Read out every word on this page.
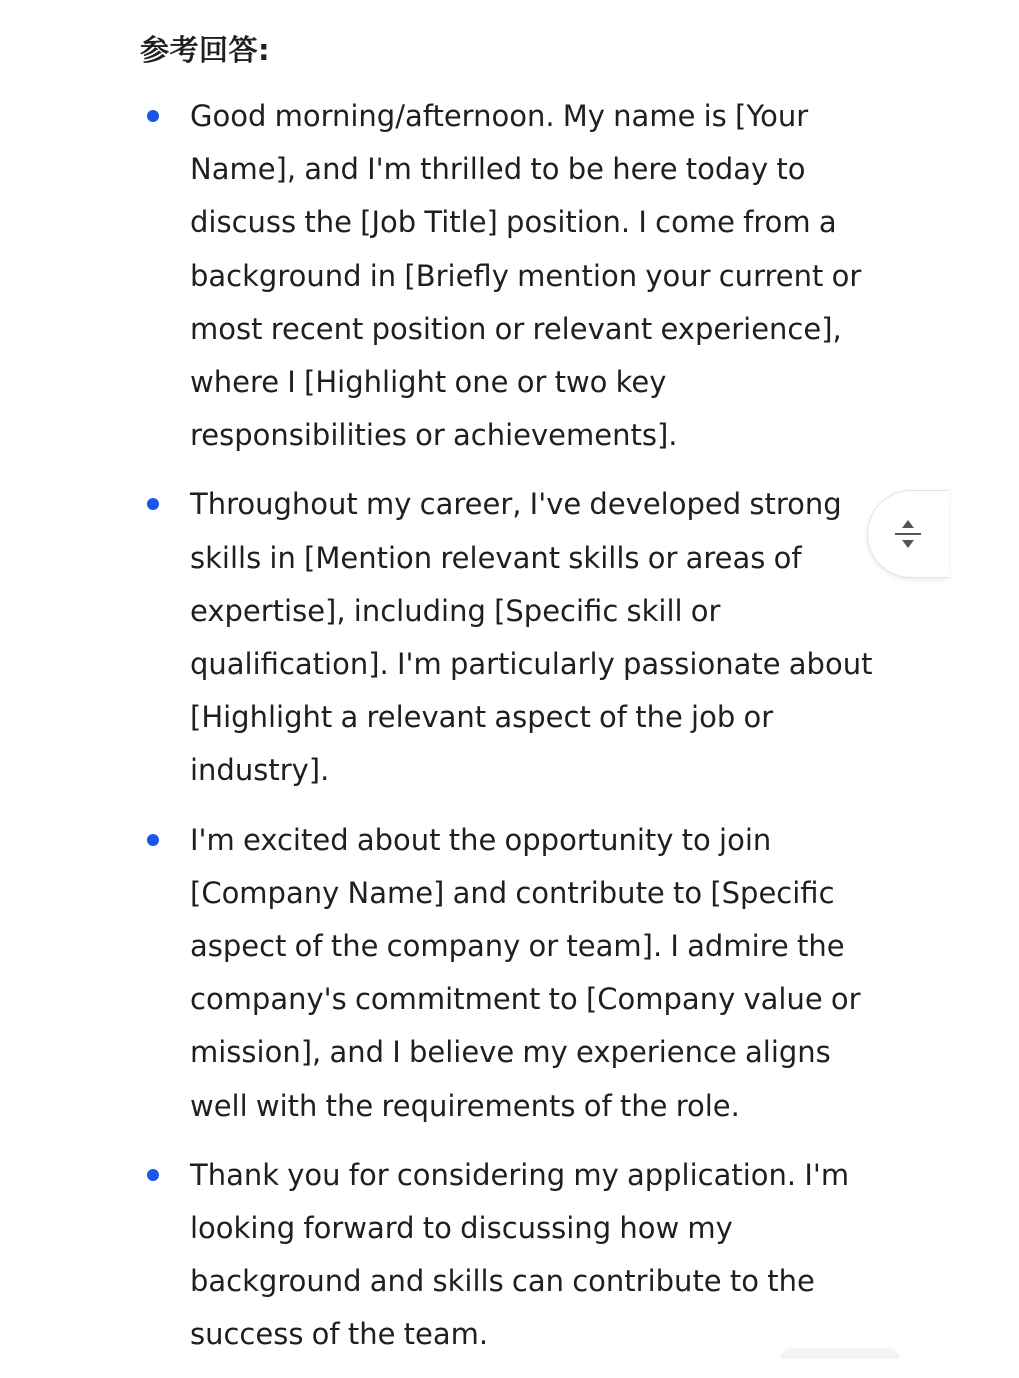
参考回答:
Good morning/afternoon. My name is [Your Name], and I'm thrilled to be here today to discuss the [Job Title] position. I come from a background in [Briefly mention your current or most recent position or relevant experience], where I [Highlight one or two key responsibilities or achievements].
Throughout my career, I've developed strong skills in [Mention relevant skills or areas of expertise], including [Specific skill or qualification]. I'm particularly passionate about [Highlight a relevant aspect of the job or industry].
I'm excited about the opportunity to join [Company Name] and contribute to [Specific aspect of the company or team]. I admire the company's commitment to [Company value or mission], and I believe my experience aligns well with the requirements of the role.
Thank you for considering my application. I'm looking forward to discussing how my background and skills can contribute to the success of the team.
